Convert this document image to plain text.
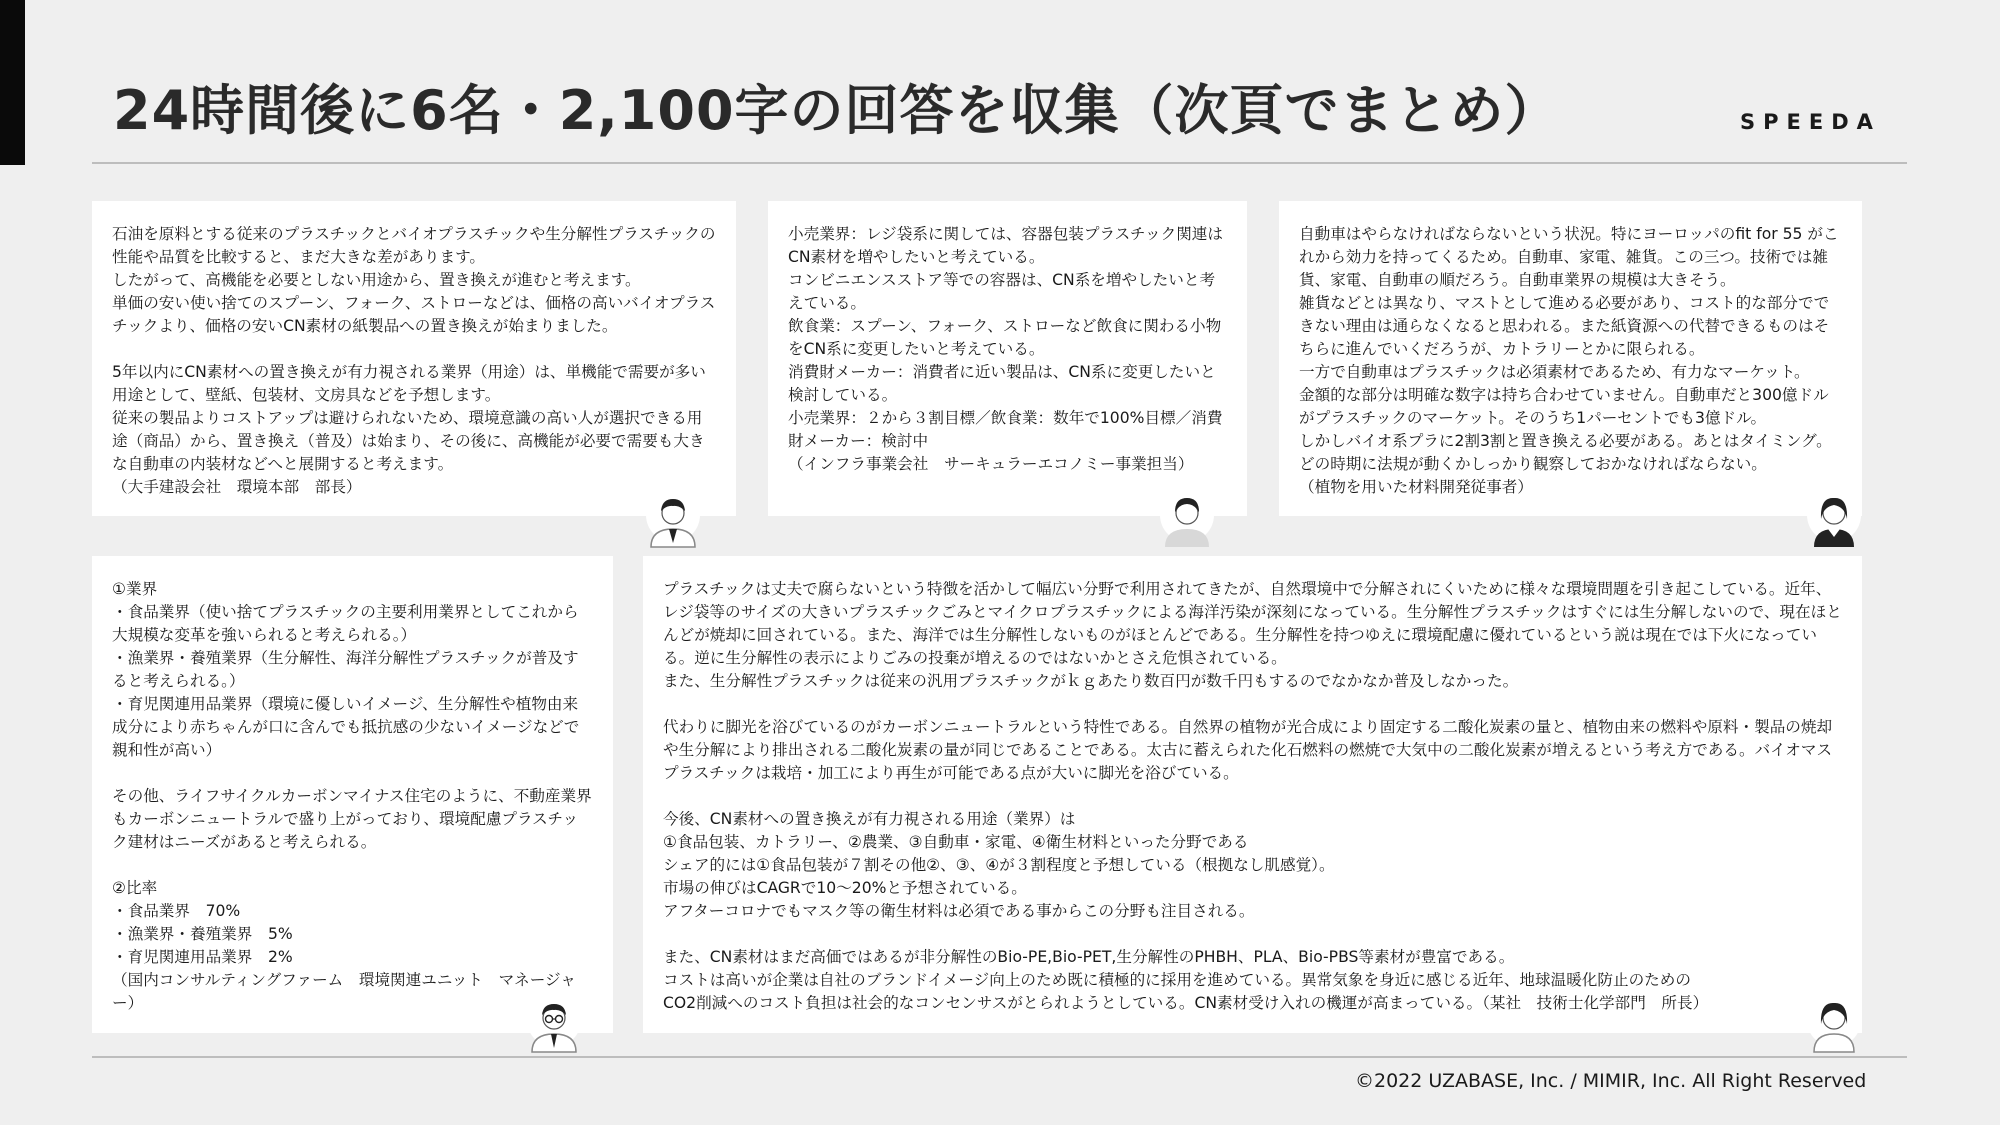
24時間後に6名・2,100字の回答を収集（次頁でまとめ）	SPEEDA

石油を原料とする従来のプラスチックとバイオプラスチックや生分解性プラスチックの性能や品質を比較すると、まだ大きな差があります。
したがって、高機能を必要としない用途から、置き換えが進むと考えます。
単価の安い使い捨てのスプーン、フォーク、ストローなどは、価格の高いバイオプラスチックより、価格の安いCN素材の紙製品への置き換えが始まりました。

5年以内にCN素材への置き換えが有力視される業界（用途）は、単機能で需要が多い用途として、壁紙、包装材、文房具などを予想します。
従来の製品よりコストアップは避けられないため、環境意識の高い人が選択できる用途（商品）から、置き換え（普及）は始まり、その後に、高機能が必要で需要も大きな自動車の内装材などへと展開すると考えます。
（大手建設会社　環境本部　部長）

小売業界：レジ袋系に関しては、容器包装プラスチック関連はCN素材を増やしたいと考えている。
コンビニエンスストア等での容器は、CN系を増やしたいと考えている。
飲食業：スプーン、フォーク、ストローなど飲食に関わる小物をCN系に変更したいと考えている。
消費財メーカー：消費者に近い製品は、CN系に変更したいと検討している。
小売業界：２から３割目標／飲食業：数年で100%目標／消費財メーカー：検討中
（インフラ事業会社　サーキュラーエコノミー事業担当）

自動車はやらなければならないという状況。特にヨーロッパのfit for 55 がこれから効力を持ってくるため。自動車、家電、雑貨。この三つ。技術では雑貨、家電、自動車の順だろう。自動車業界の規模は大きそう。
雑貨などとは異なり、マストとして進める必要があり、コスト的な部分でできない理由は通らなくなると思われる。また紙資源への代替できるものはそちらに進んでいくだろうが、カトラリーとかに限られる。
一方で自動車はプラスチックは必須素材であるため、有力なマーケット。
金額的な部分は明確な数字は持ち合わせていません。自動車だと300億ドルがプラスチックのマーケット。そのうち1パーセントでも3億ドル。
しかしバイオ系プラに2割3割と置き換える必要がある。あとはタイミング。どの時期に法規が動くかしっかり観察しておかなければならない。
（植物を用いた材料開発従事者）

①業界
・食品業界（使い捨てプラスチックの主要利用業界としてこれから大規模な変革を強いられると考えられる。）
・漁業界・養殖業界（生分解性、海洋分解性プラスチックが普及すると考えられる。）
・育児関連用品業界（環境に優しいイメージ、生分解性や植物由来成分により赤ちゃんが口に含んでも抵抗感の少ないイメージなどで親和性が高い）

その他、ライフサイクルカーボンマイナス住宅のように、不動産業界もカーボンニュートラルで盛り上がっており、環境配慮プラスチック建材はニーズがあると考えられる。

②比率
・食品業界　70%
・漁業界・養殖業界　5%
・育児関連用品業界　2%
（国内コンサルティングファーム　環境関連ユニット　マネージャー）

プラスチックは丈夫で腐らないという特徴を活かして幅広い分野で利用されてきたが、自然環境中で分解されにくいために様々な環境問題を引き起こしている。近年、レジ袋等のサイズの大きいプラスチックごみとマイクロプラスチックによる海洋汚染が深刻になっている。生分解性プラスチックはすぐには生分解しないので、現在ほとんどが焼却に回されている。また、海洋では生分解性しないものがほとんどである。生分解性を持つゆえに環境配慮に優れているという説は現在では下火になっている。逆に生分解性の表示によりごみの投棄が増えるのではないかとさえ危惧されている。
また、生分解性プラスチックは従来の汎用プラスチックがｋｇあたり数百円が数千円もするのでなかなか普及しなかった。

代わりに脚光を浴びているのがカーボンニュートラルという特性である。自然界の植物が光合成により固定する二酸化炭素の量と、植物由来の燃料や原料・製品の焼却や生分解により排出される二酸化炭素の量が同じであることである。太古に蓄えられた化石燃料の燃焼で大気中の二酸化炭素が増えるという考え方である。バイオマスプラスチックは栽培・加工により再生が可能である点が大いに脚光を浴びている。

今後、CN素材への置き換えが有力視される用途（業界）は
①食品包装、カトラリー、②農業、③自動車・家電、④衛生材料といった分野である
シェア的には①食品包装が７割その他②、③、④が３割程度と予想している（根拠なし肌感覚）。
市場の伸びはCAGRで10〜20%と予想されている。
アフターコロナでもマスク等の衛生材料は必須である事からこの分野も注目される。

また、CN素材はまだ高価ではあるが非分解性のBio-PE,Bio-PET,生分解性のPHBH、PLA、Bio-PBS等素材が豊富である。
コストは高いが企業は自社のブランドイメージ向上のため既に積極的に採用を進めている。異常気象を身近に感じる近年、地球温暖化防止のための
CO2削減へのコスト負担は社会的なコンセンサスがとられようとしている。CN素材受け入れの機運が高まっている。（某社　技術士化学部門　所長）

©2022 UZABASE, Inc. / MIMIR, Inc. All Right Reserved
